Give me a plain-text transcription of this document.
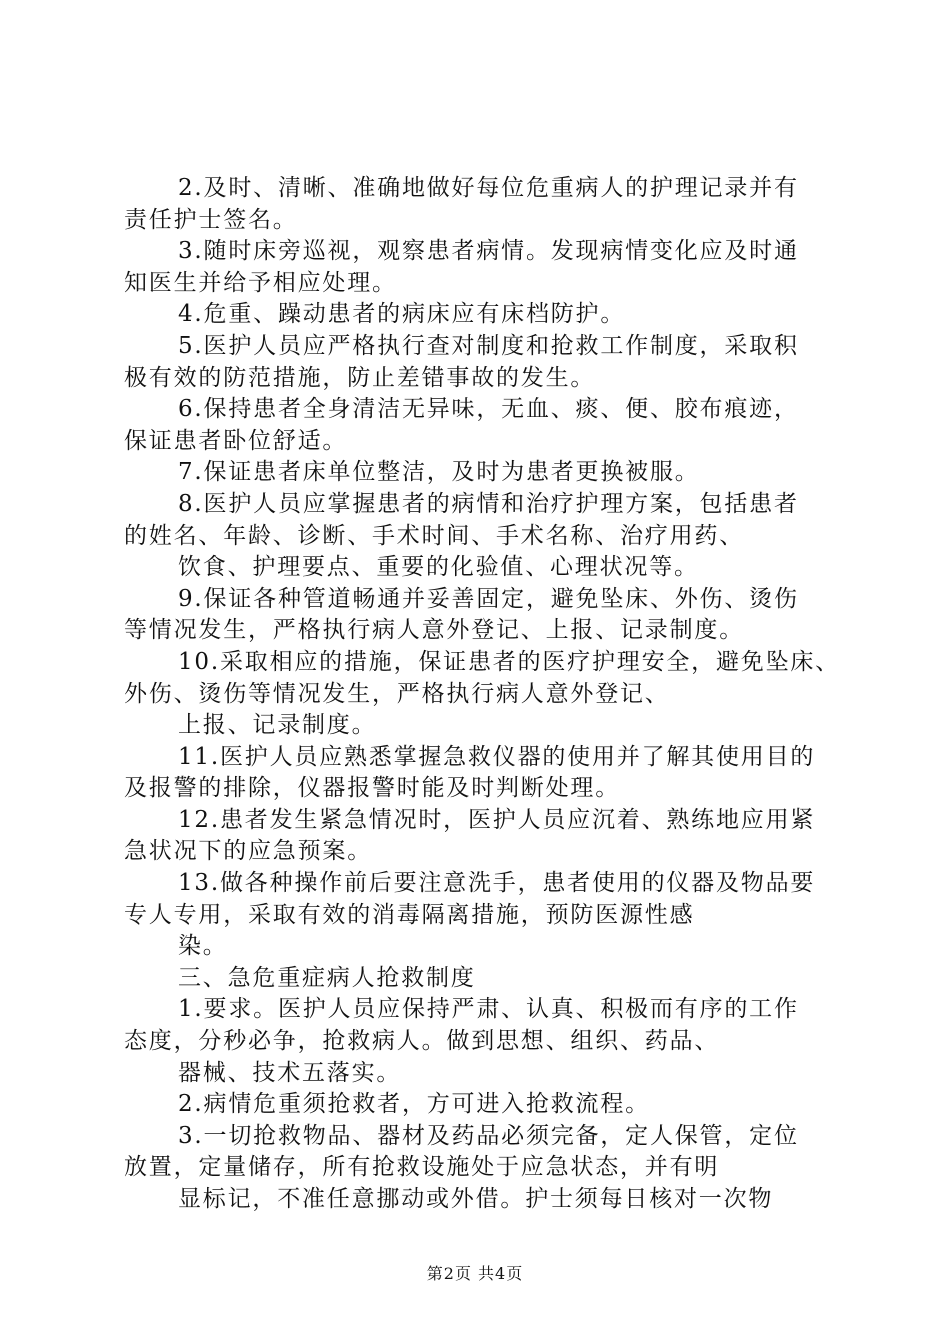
2.及时、清晰、准确地做好每位危重病人的护理记录并有
责任护士签名。
3.随时床旁巡视，观察患者病情。发现病情变化应及时通
知医生并给予相应处理。
4.危重、躁动患者的病床应有床档防护。
5.医护人员应严格执行查对制度和抢救工作制度，采取积
极有效的防范措施，防止差错事故的发生。
6.保持患者全身清洁无异味，无血、痰、便、胶布痕迹，
保证患者卧位舒适。
7.保证患者床单位整洁，及时为患者更换被服。
8.医护人员应掌握患者的病情和治疗护理方案，包括患者
的姓名、年龄、诊断、手术时间、手术名称、治疗用药、
饮食、护理要点、重要的化验值、心理状况等。
9.保证各种管道畅通并妥善固定，避免坠床、外伤、烫伤
等情况发生，严格执行病人意外登记、上报、记录制度。
10.采取相应的措施，保证患者的医疗护理安全，避免坠床、
外伤、烫伤等情况发生，严格执行病人意外登记、
上报、记录制度。
11.医护人员应熟悉掌握急救仪器的使用并了解其使用目的
及报警的排除，仪器报警时能及时判断处理。
12.患者发生紧急情况时，医护人员应沉着、熟练地应用紧
急状况下的应急预案。
13.做各种操作前后要注意洗手，患者使用的仪器及物品要
专人专用，采取有效的消毒隔离措施，预防医源性感
染。
三、急危重症病人抢救制度
1.要求。医护人员应保持严肃、认真、积极而有序的工作
态度，分秒必争，抢救病人。做到思想、组织、药品、
器械、技术五落实。
2.病情危重须抢救者，方可进入抢救流程。
3.一切抢救物品、器材及药品必须完备，定人保管，定位
放置，定量储存，所有抢救设施处于应急状态，并有明
显标记，不准任意挪动或外借。护士须每日核对一次物
第2页 共4页
